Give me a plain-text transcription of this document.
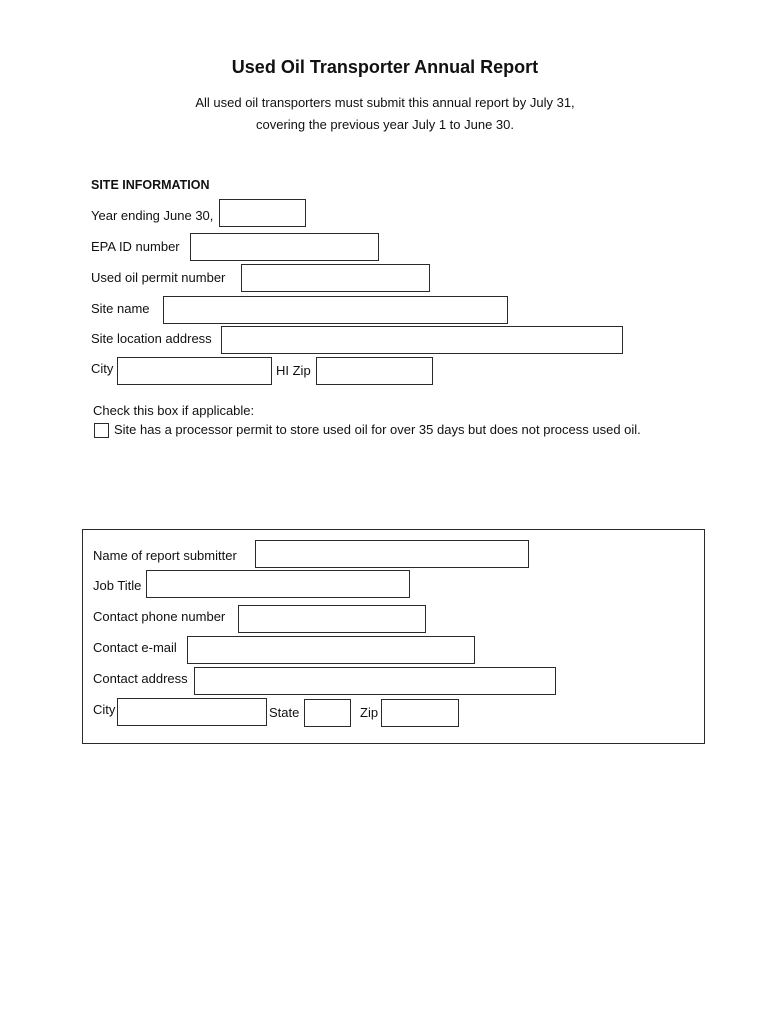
Used Oil Transporter Annual Report
All used oil transporters must submit this annual report by July 31,
covering the previous year July 1 to June 30.
SITE INFORMATION
Year ending June 30,
EPA ID number
Used oil permit number
Site name
Site location address
City	HI Zip
Check this box if applicable:
Site has a processor permit to store used oil for over 35 days but does not process used oil.
Name of report submitter
Job Title
Contact phone number
Contact e-mail
Contact address
City	State	Zip
